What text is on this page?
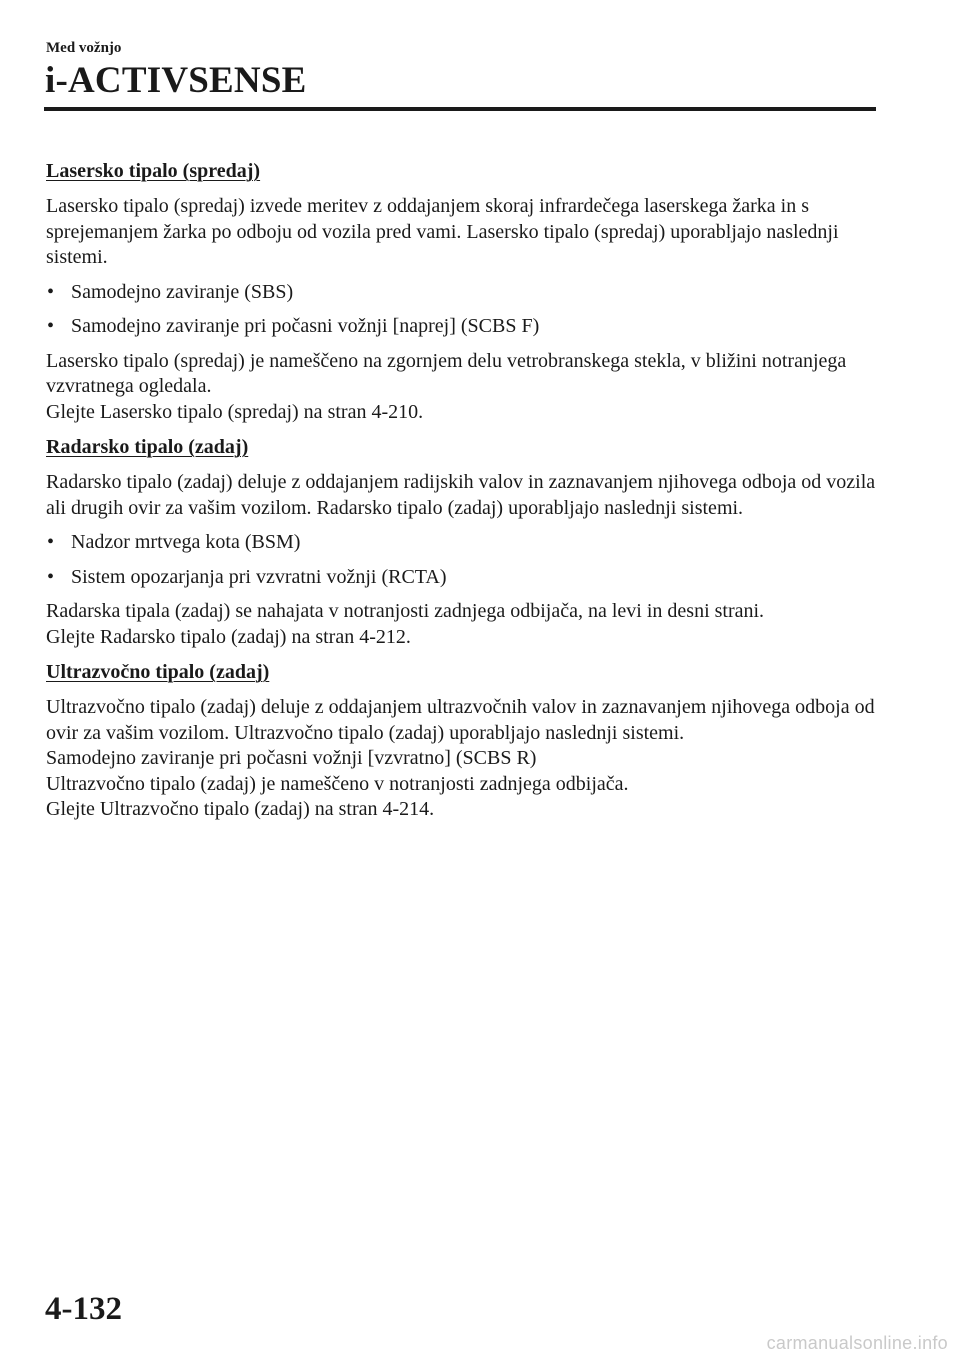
Med vožnjo
i-ACTIVSENSE
Lasersko tipalo (spredaj)

Lasersko tipalo (spredaj) izvede meritev z oddajanjem skoraj infrardečega laserskega žarka in s sprejemanjem žarka po odboju od vozila pred vami. Lasersko tipalo (spredaj) uporabljajo naslednji sistemi.

• Samodejno zaviranje (SBS)
• Samodejno zaviranje pri počasni vožnji [naprej] (SCBS F)

Lasersko tipalo (spredaj) je nameščeno na zgornjem delu vetrobranskega stekla, v bližini notranjega vzvratnega ogledala.
Glejte Lasersko tipalo (spredaj) na stran 4-210.

Radarsko tipalo (zadaj)

Radarsko tipalo (zadaj) deluje z oddajanjem radijskih valov in zaznavanjem njihovega odboja od vozila ali drugih ovir za vašim vozilom. Radarsko tipalo (zadaj) uporabljajo naslednji sistemi.

• Nadzor mrtvega kota (BSM)
• Sistem opozarjanja pri vzvratni vožnji (RCTA)

Radarska tipala (zadaj) se nahajata v notranjosti zadnjega odbijača, na levi in desni strani.
Glejte Radarsko tipalo (zadaj) na stran 4-212.

Ultrazvočno tipalo (zadaj)

Ultrazvočno tipalo (zadaj) deluje z oddajanjem ultrazvočnih valov in zaznavanjem njihovega odboja od ovir za vašim vozilom. Ultrazvočno tipalo (zadaj) uporabljajo naslednji sistemi.
Samodejno zaviranje pri počasni vožnji [vzvratno] (SCBS R)
Ultrazvočno tipalo (zadaj) je nameščeno v notranjosti zadnjega odbijača.
Glejte Ultrazvočno tipalo (zadaj) na stran 4-214.

4-132
carmanualsonline.info
